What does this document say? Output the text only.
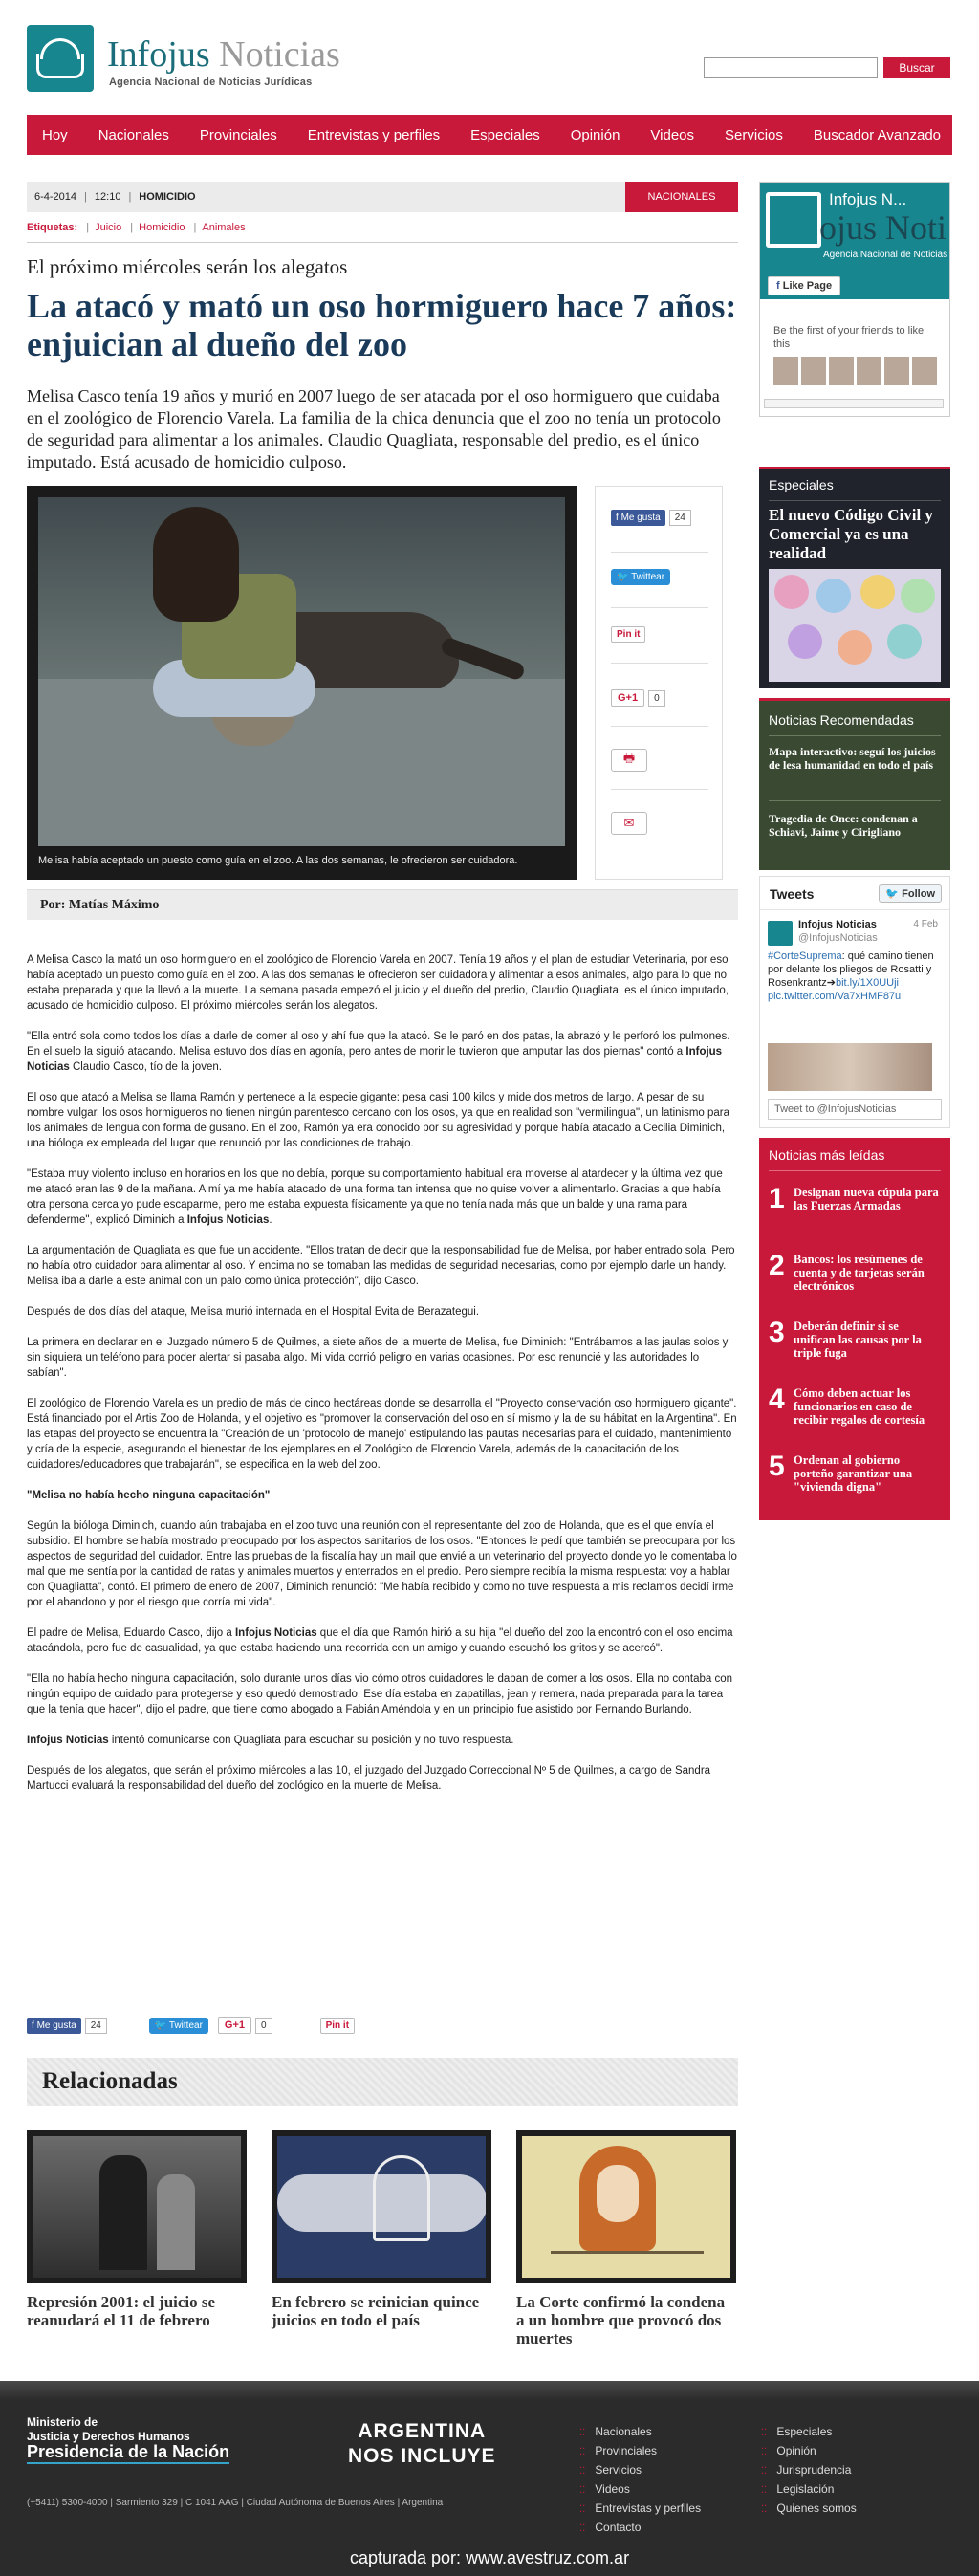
Infojus Noticias
Agencia Nacional de Noticias Jurídicas
Buscar
Hoy Nacionales Provinciales Entrevistas y perfiles Especiales Opinión Videos Servicios Buscador Avanzado
6-4-2014 | 12:10 | HOMICIDIO	NACIONALES
Etiquetas: | Juicio | Homicidio | Animales
El próximo miércoles serán los alegatos
La atacó y mató un oso hormiguero hace 7 años: enjuician al dueño del zoo

Melisa Casco tenía 19 años y murió en 2007 luego de ser atacada por el oso hormiguero que cuidaba en el zoológico de Florencio Varela. La familia de la chica denuncia que el zoo no tenía un protocolo de seguridad para alimentar a los animales. Claudio Quagliata, responsable del predio, es el único imputado. Está acusado de homicidio culposo.

Melisa había aceptado un puesto como guía en el zoo. A las dos semanas, le ofrecieron ser cuidadora.
f Me gusta	24
🐦 Twittear
Pin it
G+1	0
🖶
✉
Por: Matías Máximo

A Melisa Casco la mató un oso hormiguero en el zoológico de Florencio Varela en 2007. Tenía 19 años y el plan de estudiar Veterinaria, por eso había aceptado un puesto como guía en el zoo. A las dos semanas le ofrecieron ser cuidadora y alimentar a esos animales, algo para lo que no estaba preparada y que la llevó a la muerte. La semana pasada empezó el juicio y el dueño del predio, Claudio Quagliata, es el único imputado, acusado de homicidio culposo. El próximo miércoles serán los alegatos.

"Ella entró sola como todos los días a darle de comer al oso y ahí fue que la atacó. Se le paró en dos patas, la abrazó y le perforó los pulmones. En el suelo la siguió atacando. Melisa estuvo dos días en agonía, pero antes de morir le tuvieron que amputar las dos piernas" contó a Infojus Noticias Claudio Casco, tío de la joven.

El oso que atacó a Melisa se llama Ramón y pertenece a la especie gigante: pesa casi 100 kilos y mide dos metros de largo. A pesar de su nombre vulgar, los osos hormigueros no tienen ningún parentesco cercano con los osos, ya que en realidad son "vermilingua", un latinismo para los animales de lengua con forma de gusano. En el zoo, Ramón ya era conocido por su agresividad y porque había atacado a Cecilia Diminich, una bióloga ex empleada del lugar que renunció por las condiciones de trabajo.

"Estaba muy violento incluso en horarios en los que no debía, porque su comportamiento habitual era moverse al atardecer y la última vez que me atacó eran las 9 de la mañana. A mí ya me había atacado de una forma tan intensa que no quise volver a alimentarlo. Gracias a que había otra persona cerca yo pude escaparme, pero me estaba expuesta físicamente ya que no tenía nada más que un balde y una rama para defenderme", explicó Diminich a Infojus Noticias.

La argumentación de Quagliata es que fue un accidente. "Ellos tratan de decir que la responsabilidad fue de Melisa, por haber entrado sola. Pero no había otro cuidador para alimentar al oso. Y encima no se tomaban las medidas de seguridad necesarias, como por ejemplo darle un handy. Melisa iba a darle a este animal con un palo como única protección", dijo Casco.

Después de dos días del ataque, Melisa murió internada en el Hospital Evita de Berazategui.

La primera en declarar en el Juzgado número 5 de Quilmes, a siete años de la muerte de Melisa, fue Diminich: "Entrábamos a las jaulas solos y sin siquiera un teléfono para poder alertar si pasaba algo. Mi vida corrió peligro en varias ocasiones. Por eso renuncié y las autoridades lo sabían".

El zoológico de Florencio Varela es un predio de más de cinco hectáreas donde se desarrolla el "Proyecto conservación oso hormiguero gigante". Está financiado por el Artis Zoo de Holanda, y el objetivo es "promover la conservación del oso en sí mismo y la de su hábitat en la Argentina". En las etapas del proyecto se encuentra la "Creación de un 'protocolo de manejo' estipulando las pautas necesarias para el cuidado, mantenimiento y cría de la especie, asegurando el bienestar de los ejemplares en el Zoológico de Florencio Varela, además de la capacitación de los cuidadores/educadores que trabajarán", se especifica en la web del zoo.

"Melisa no había hecho ninguna capacitación"

Según la bióloga Diminich, cuando aún trabajaba en el zoo tuvo una reunión con el representante del zoo de Holanda, que es el que envía el subsidio. El hombre se había mostrado preocupado por los aspectos sanitarios de los osos. "Entonces le pedí que también se preocupara por los aspectos de seguridad del cuidador. Entre las pruebas de la fiscalía hay un mail que envié a un veterinario del proyecto donde yo le comentaba lo mal que me sentía por la cantidad de ratas y animales muertos y enterrados en el predio. Pero siempre recibía la misma respuesta: voy a hablar con Quagliatta", contó. El primero de enero de 2007, Diminich renunció: "Me había recibido y como no tuve respuesta a mis reclamos decidí irme por el abandono y por el riesgo que corría mi vida".

El padre de Melisa, Eduardo Casco, dijo a Infojus Noticias que el día que Ramón hirió a su hija "el dueño del zoo la encontró con el oso encima atacándola, pero fue de casualidad, ya que estaba haciendo una recorrida con un amigo y cuando escuchó los gritos y se acercó".

"Ella no había hecho ninguna capacitación, solo durante unos días vio cómo otros cuidadores le daban de comer a los osos. Ella no contaba con ningún equipo de cuidado para protegerse y eso quedó demostrado. Ese día estaba en zapatillas, jean y remera, nada preparada para la tarea que la tenía que hacer", dijo el padre, que tiene como abogado a Fabián Améndola y en un principio fue asistido por Fernando Burlando.

Infojus Noticias intentó comunicarse con Quagliata para escuchar su posición y no tuvo respuesta.

Después de los alegatos, que serán el próximo miércoles a las 10, el juzgado del Juzgado Correccional Nº 5 de Quilmes, a cargo de Sandra Martucci evaluará la responsabilidad del dueño del zoológico en la muerte de Melisa.

f Me gusta	24	🐦 Twittear	G+1	0	Pin it
Relacionadas
Represión 2001: el juicio se reanudará el 11 de febrero
En febrero se reinician quince juicios en todo el país
La Corte confirmó la condena a un hombre que provocó dos muertes
Infojus N...
ojus Noti
Agencia Nacional de Noticias
f Like Page
Be the first of your friends to like this
Especiales
El nuevo Código Civil y Comercial ya es una realidad
Noticias Recomendadas
Mapa interactivo: seguí los juicios de lesa humanidad en todo el país
Tragedia de Once: condenan a Schiavi, Jaime y Cirigliano
Tweets	🐦 Follow
Infojus Noticias	4 Feb
@InfojusNoticias
#CorteSuprema: qué camino tienen por delante los pliegos de Rosatti y Rosenkrantz➔bit.ly/1X0UUji
pic.twitter.com/Va7xHMF87u
Tweet to @InfojusNoticias
Noticias más leídas
1 Designan nueva cúpula para las Fuerzas Armadas
2 Bancos: los resúmenes de cuenta y de tarjetas serán electrónicos
3 Deberán definir si se unifican las causas por la triple fuga
4 Cómo deben actuar los funcionarios en caso de recibir regalos de cortesía
5 Ordenan al gobierno porteño garantizar una "vivienda digna"
Ministerio de
Justicia y Derechos Humanos
Presidencia de la Nación
(+5411) 5300-4000 | Sarmiento 329 | C 1041 AAG | Ciudad Autónoma de Buenos Aires | Argentina
ARGENTINA
NOS INCLUYE
⁚⁚ Nacionales
⁚⁚ Provinciales
⁚⁚ Servicios
⁚⁚ Videos
⁚⁚ Entrevistas y perfiles
⁚⁚ Contacto
⁚⁚ Especiales
⁚⁚ Opinión
⁚⁚ Jurisprudencia
⁚⁚ Legislación
⁚⁚ Quienes somos
capturada por: www.avestruz.com.ar
